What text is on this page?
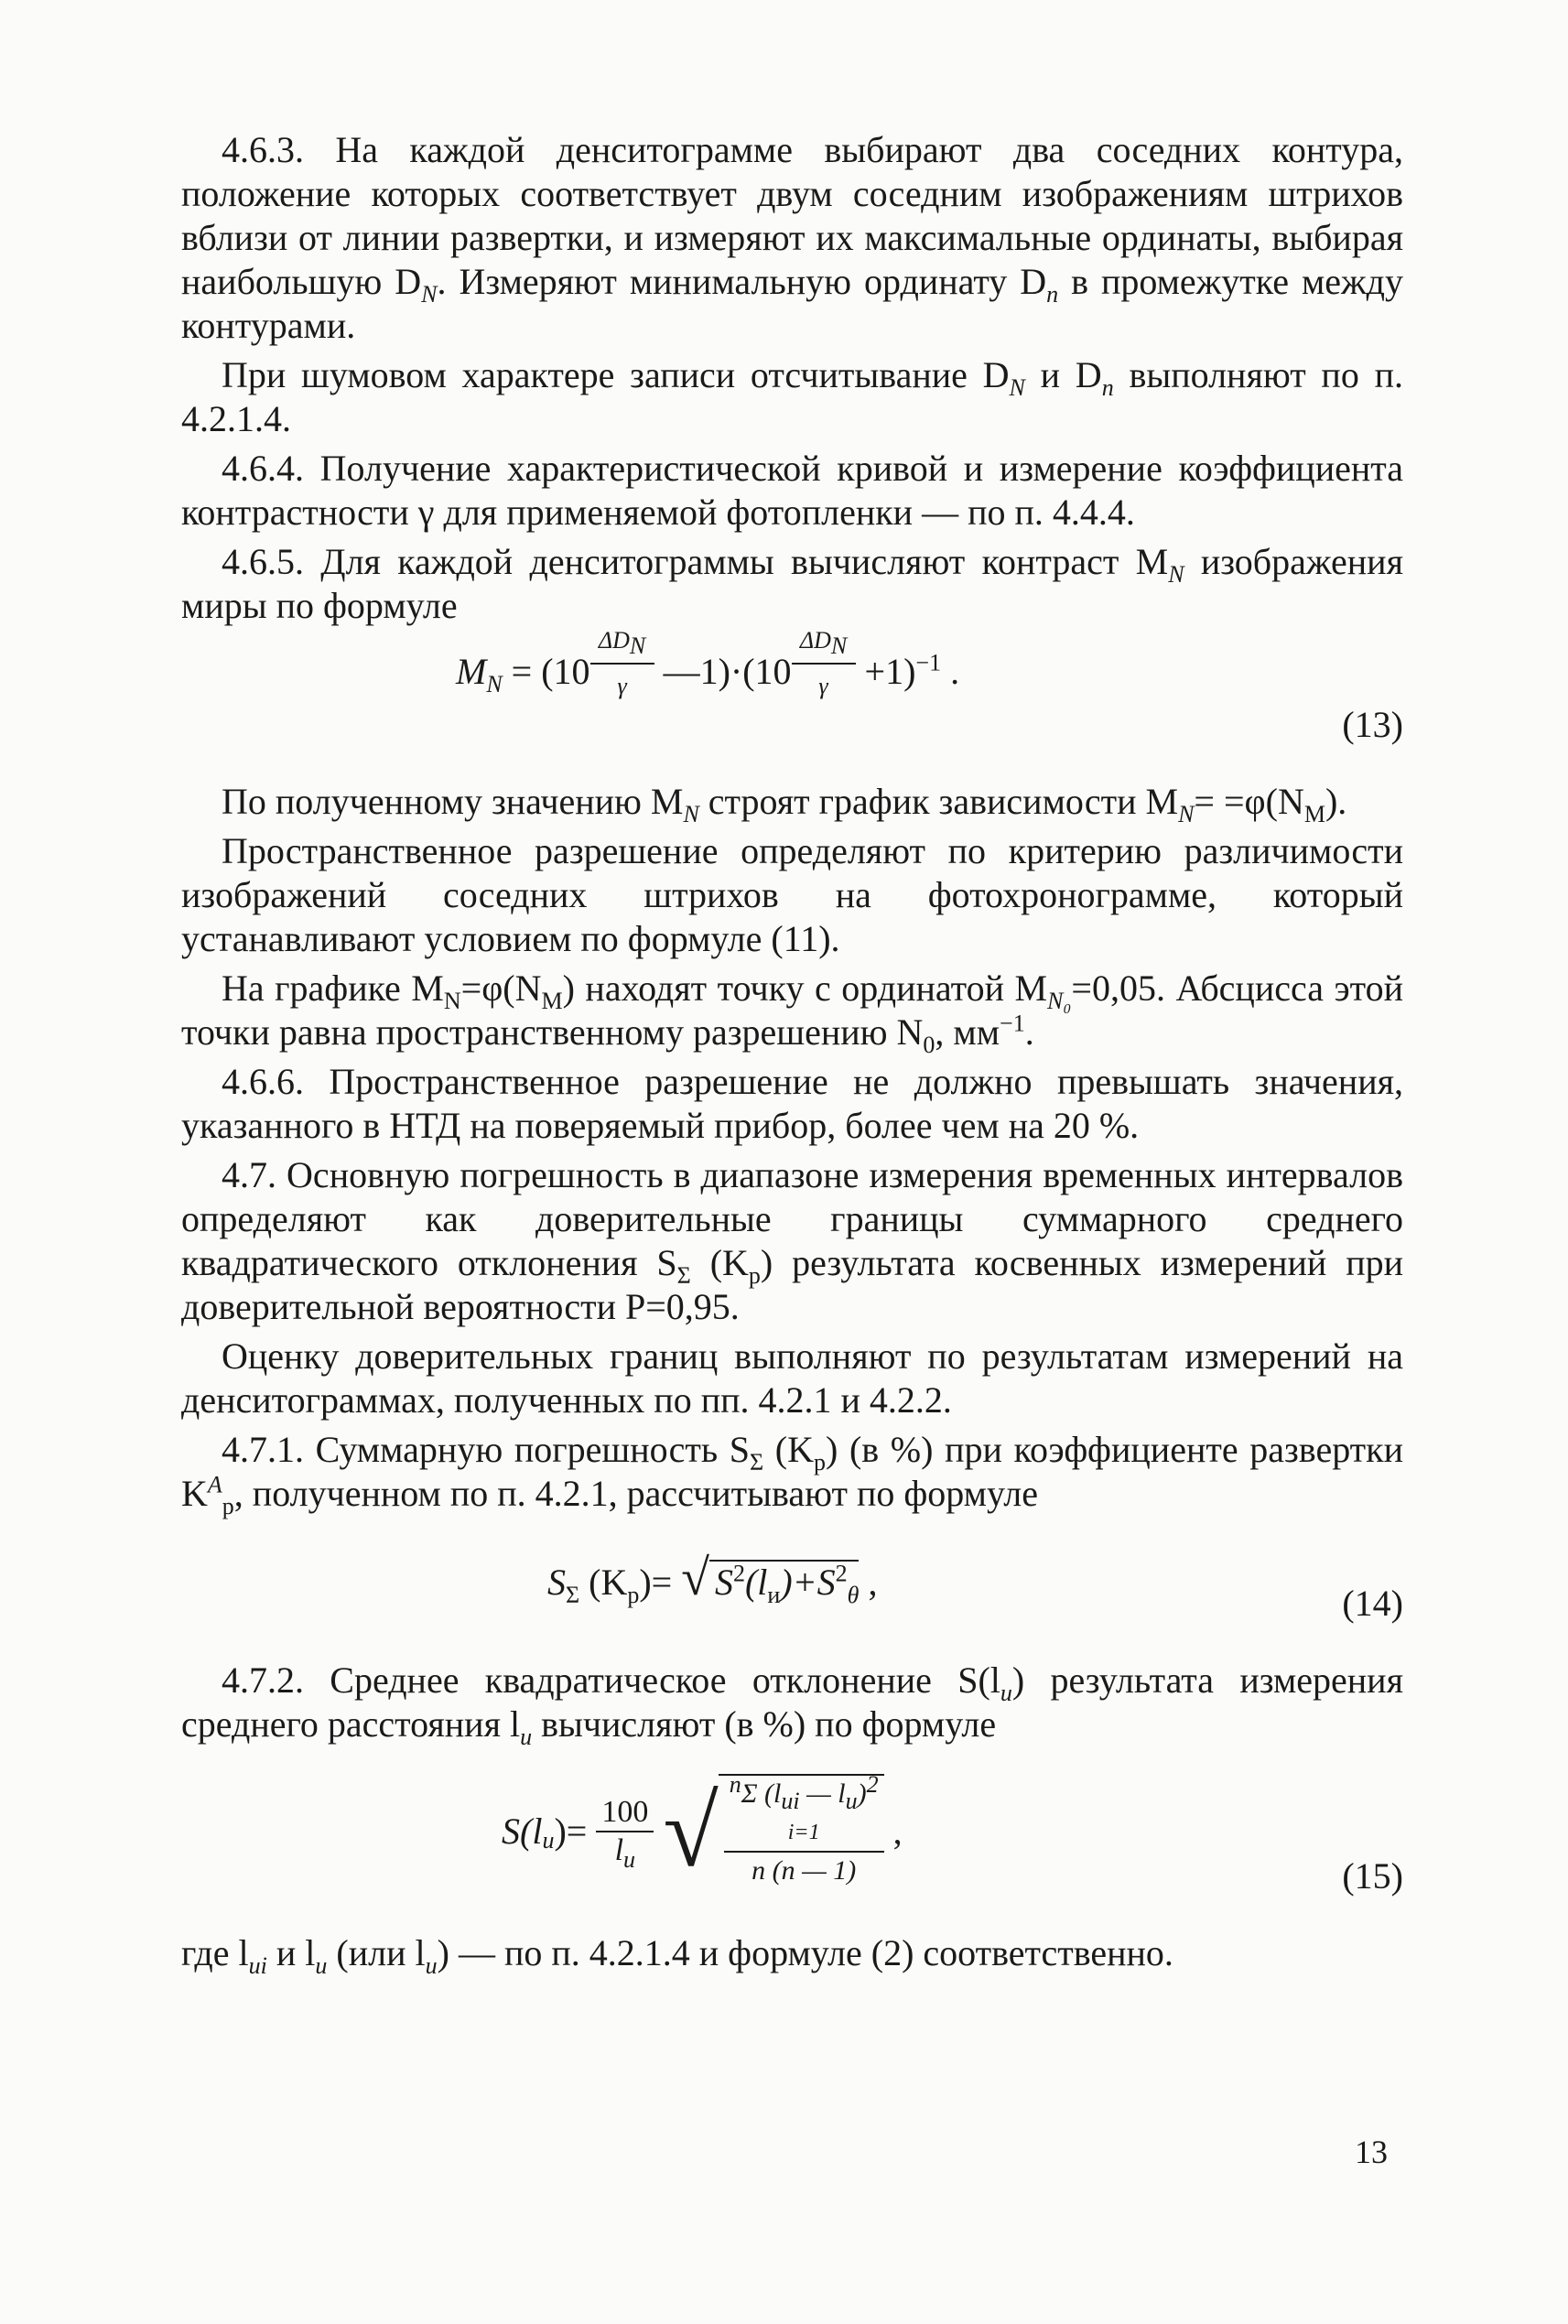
4.6.3. На каждой денситограмме выбирают два соседних контура, положение которых соответствует двум соседним изображениям штрихов вблизи от линии развертки, и измеряют их максимальные ординаты, выбирая наибольшую $D_N$. Измеряют минимальную ординату $D_n$ в промежутке между контурами.

При шумовом характере записи отсчитывание $D_N$ и $D_n$ выполняют по п. 4.2.1.4.

4.6.4. Получение характеристической кривой и измерение коэффициента контрастности γ для применяемой фотопленки — по п. 4.4.4.

4.6.5. Для каждой денситограммы вычисляют контраст $M_N$ изображения миры по формуле

$M_N = (10 \frac{\Delta D_N}{\gamma}$ —1)·(10 $\frac{\Delta D_N}{\gamma} +1)^{-1}$ .
(13)

По полученному значению $M_N$ строят график зависимости $M_N= =\varphi(N_M)$.

Пространственное разрешение определяют по критерию различимости изображений соседних штрихов на фотохронограмме, который устанавливают условием по формуле (11).

На графике $M_N=\varphi(N_M)$ находят точку с ординатой $M_{N_0}=0,05$. Абсцисса этой точки равна пространственному разрешению $N_0$, $мм^{-1}$.

4.6.6. Пространственное разрешение не должно превышать значения, указанного в НТД на поверяемый прибор, более чем на 20 %.

4.7. Основную погрешность в диапазоне измерения временных интервалов определяют как доверительные границы суммарного среднего квадратического отклонения $S_\Sigma$ $(K_р)$ результата косвенных измерений при доверительной вероятности P=0,95.

Оценку доверительных границ выполняют по результатам измерений на денситограммах, полученных по пп. 4.2.1 и 4.2.2.

4.7.1. Суммарную погрешность $S_\Sigma$ $(K_р)$ (в %) при коэффициенте развертки $K^A_р$, полученном по п. 4.2.1, рассчитывают по формуле

$S_\Sigma$ $(K_р)=$ √ $S^2(l_и)+S^2_\theta$ ,
(14)

4.7.2. Среднее квадратическое отклонение $S(l_и)$ результата измерения среднего расстояния $l_и$ вычисляют (в %) по формуле

$S(l_и)= \frac{100}{l_и}$ √ $^n$Σ ($l_{иi}$ — $l_и)^2$
i=1
n (n — 1)
,
(15)

где $l_{иi}$ и $l_и$ (или $l_и$) — по п. 4.2.1.4 и формуле (2) соответственно.

13
